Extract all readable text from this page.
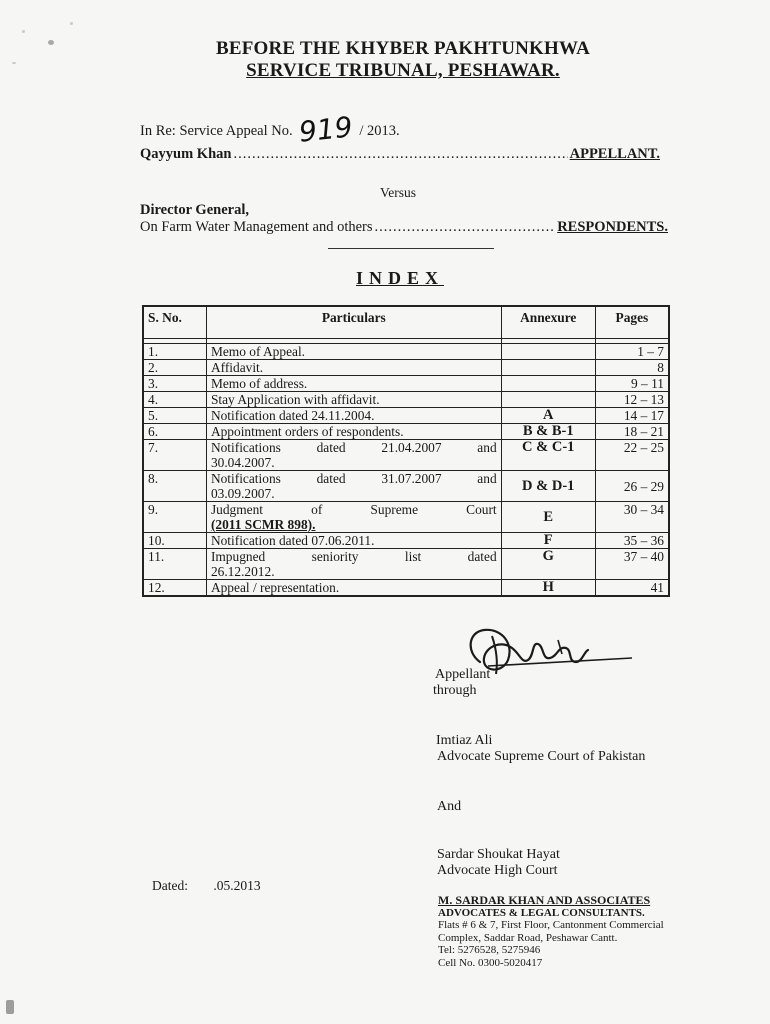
BEFORE THE KHYBER PAKHTUNKHWA
SERVICE TRIBUNAL, PESHAWAR.
In Re: Service Appeal No. 919 / 2013.
Qayyum Khan .....	APPELLANT.
Versus
Director General,
On Farm Water Management and others .....	RESPONDENTS.
INDEX
S. No.	Particulars	Annexure	Pages

1.	Memo of Appeal.		1 – 7
2.	Affidavit.		8
3.	Memo of address.		9 – 11
4.	Stay Application with affidavit.		12 – 13
5.	Notification dated 24.11.2004.	A	14 – 17
6.	Appointment orders of respondents.	B & B-1	18 – 21
7.	Notifications dated 21.04.2007 and
30.04.2007.	C & C-1	22 – 25
8.	Notifications dated 31.07.2007 and
03.09.2007.	D & D-1	26 – 29
9.	Judgment of Supreme Court
(2011 SCMR 898).	E	30 – 34
10.	Notification dated 07.06.2011.	F	35 – 36
11.	Impugned seniority list dated
26.12.2012.	G	37 – 40
12.	Appeal / representation.	H	41
Appellant
through
Imtiaz Ali
Advocate Supreme Court of Pakistan
And
Sardar Shoukat Hayat
Advocate High Court
Dated: .05.2013
M. SARDAR KHAN AND ASSOCIATES
ADVOCATES & LEGAL CONSULTANTS.
Flats # 6 & 7, First Floor, Cantonment Commercial
Complex, Saddar Road, Peshawar Cantt.
Tel: 5276528, 5275946
Cell No. 0300-5020417
